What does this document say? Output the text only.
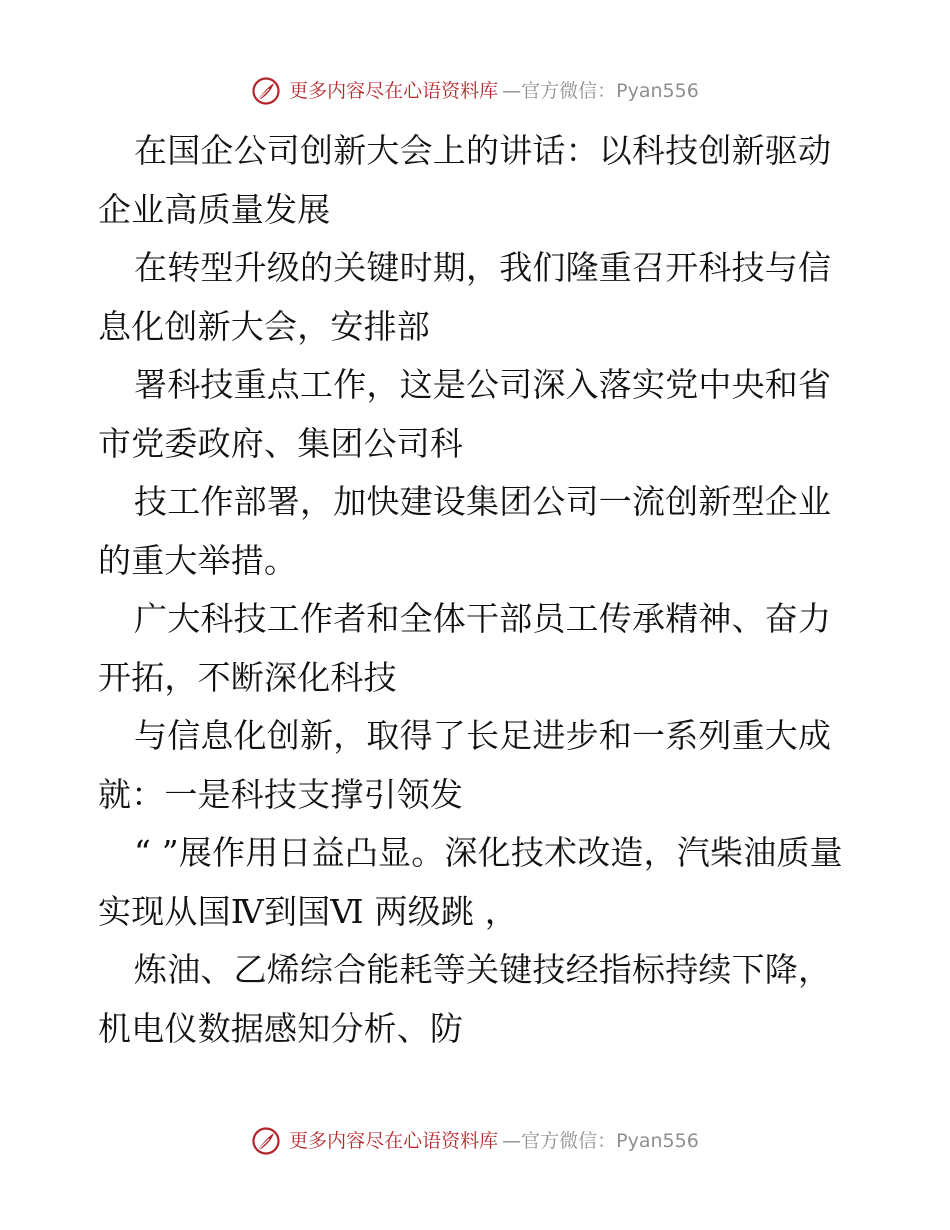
更多内容尽在心语资料库 —官方微信：Pyan556

在国企公司创新大会上的讲话：以科技创新驱动企业高质量发展

在转型升级的关键时期，我们隆重召开科技与信息化创新大会，安排部

署科技重点工作，这是公司深入落实党中央和省市党委政府、集团公司科

技工作部署，加快建设集团公司一流创新型企业的重大举措。

广大科技工作者和全体干部员工传承精神、奋力开拓，不断深化科技

与信息化创新，取得了长足进步和一系列重大成就：一是科技支撑引领发

“ ”展作用日益凸显。深化技术改造，汽柴油质量实现从国Ⅳ到国Ⅵ 两级跳 ，

炼油、乙烯综合能耗等关键技经指标持续下降，机电仪数据感知分析、防

更多内容尽在心语资料库 —官方微信：Pyan556
